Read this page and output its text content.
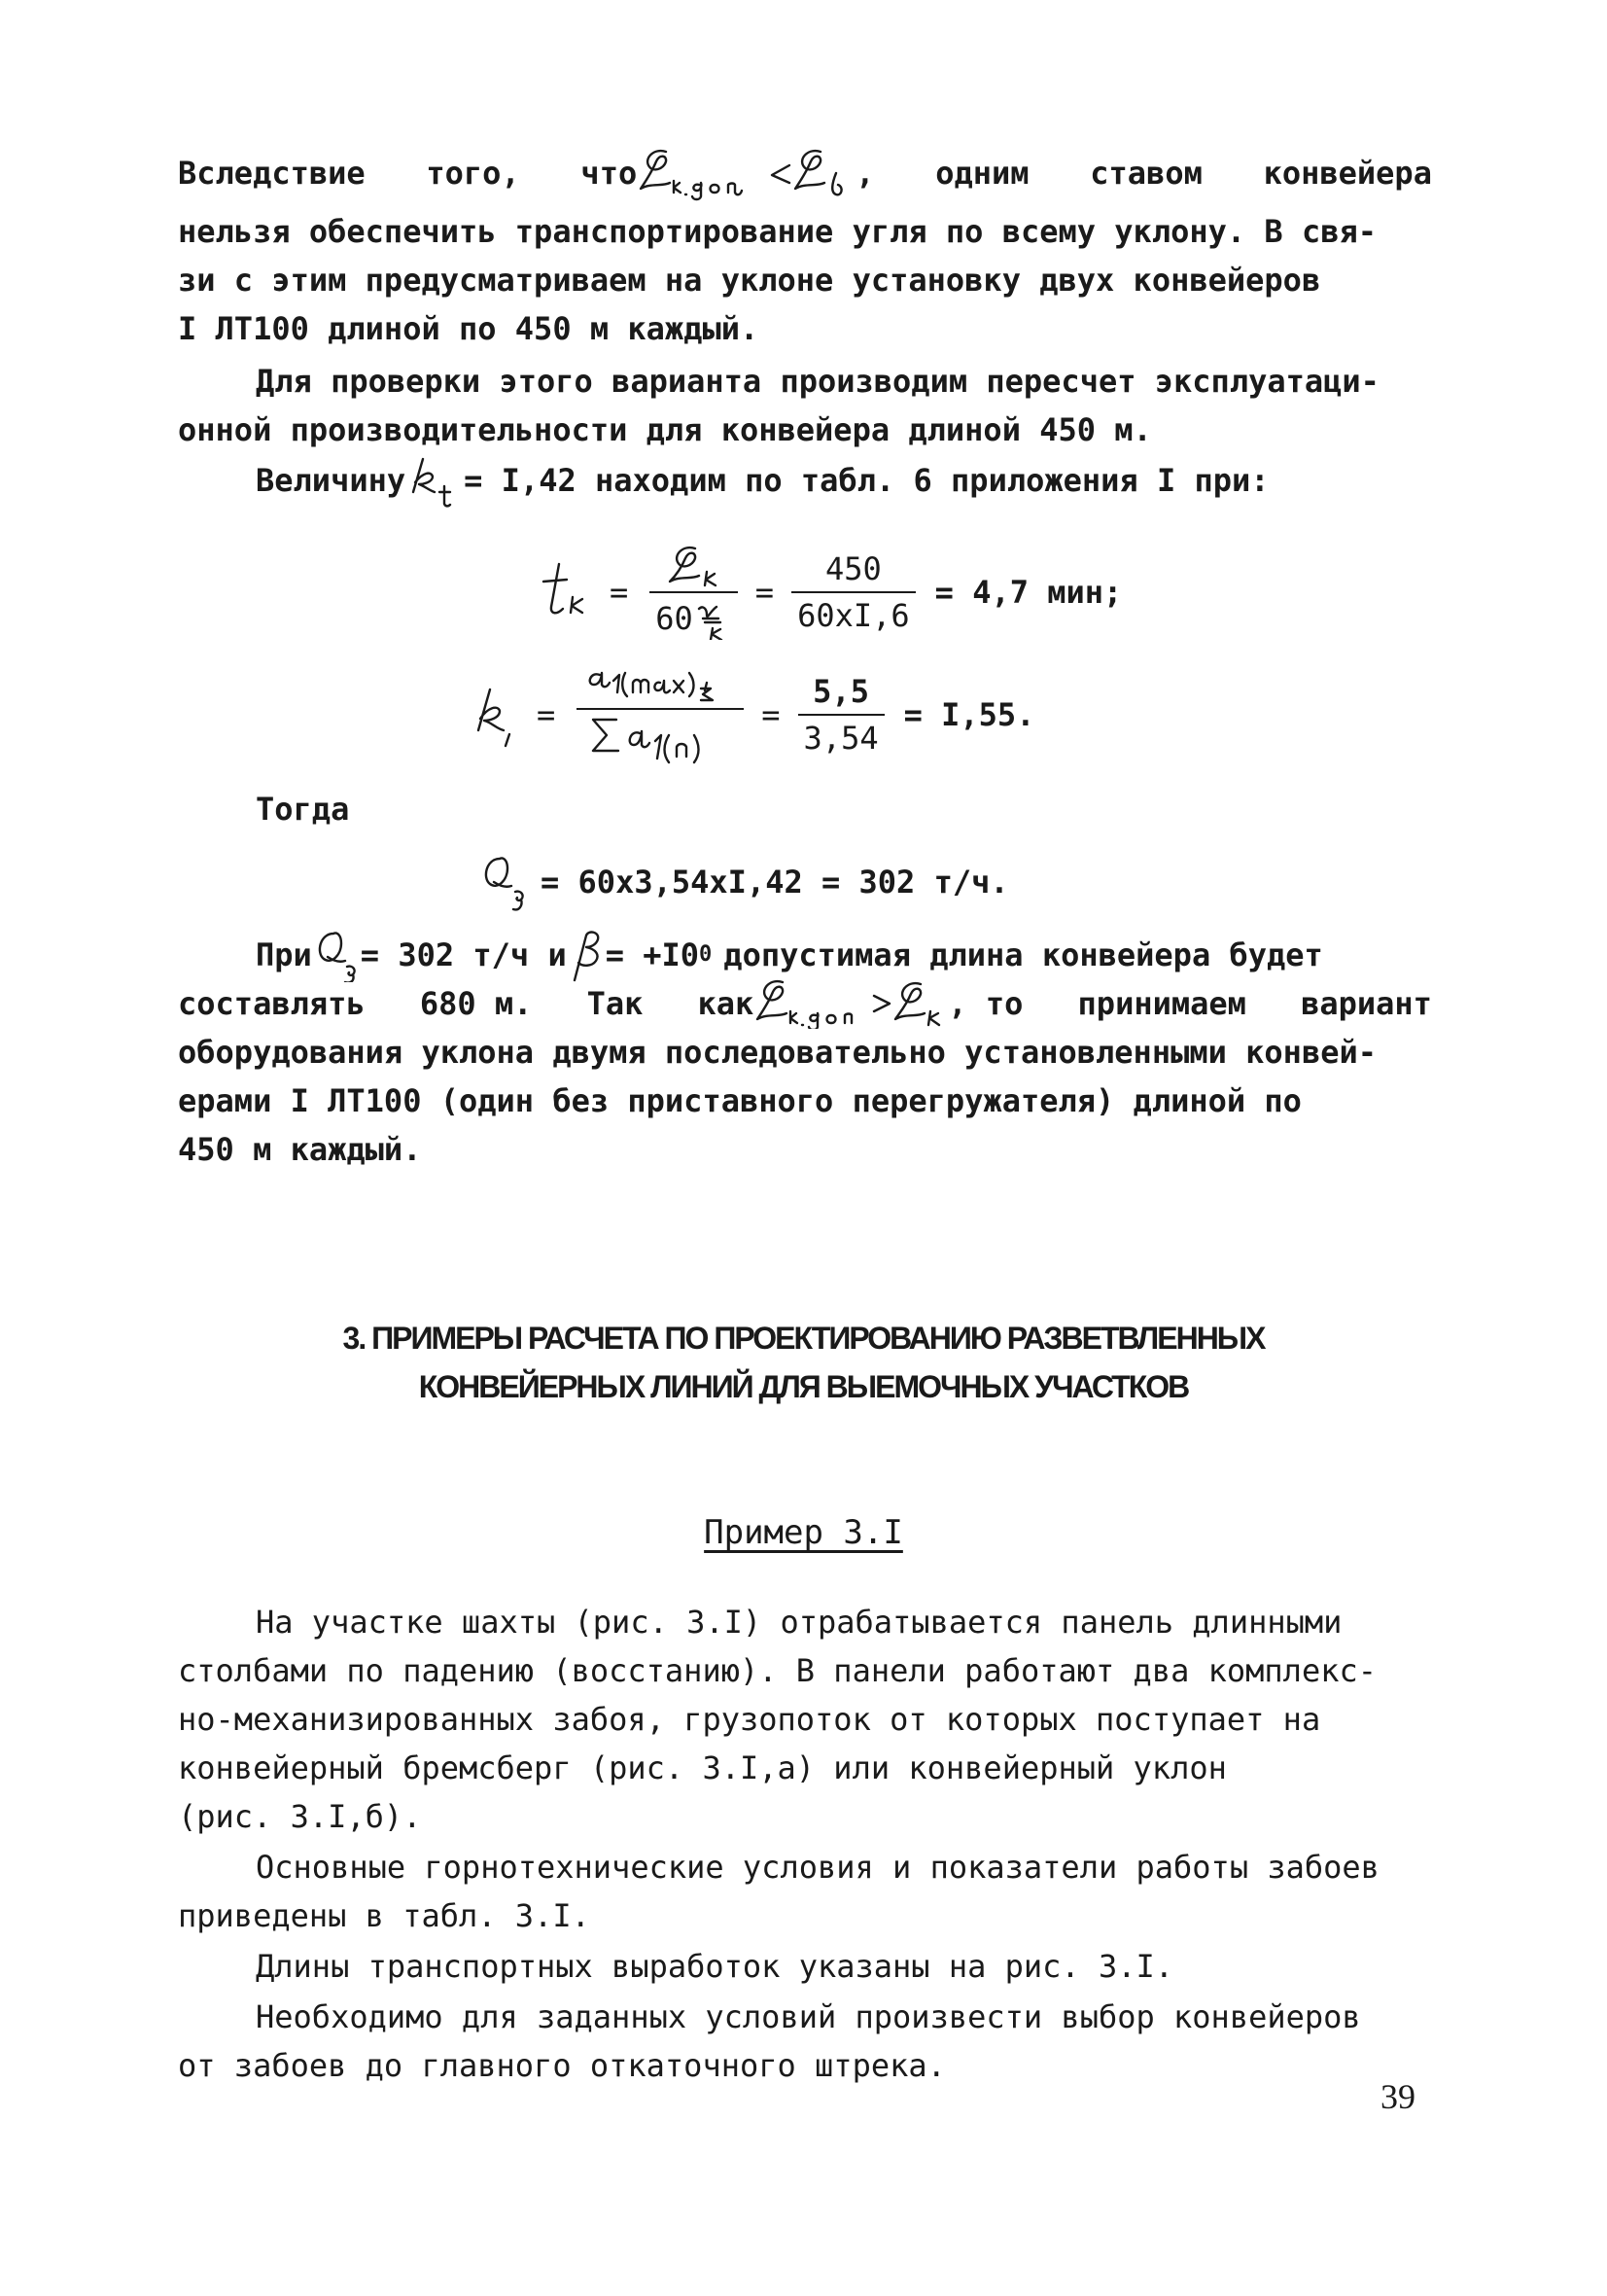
Вследствие того, что	, одним ставом конвейера
нельзя обеспечить транспортирование угля по всему уклону. В свя-
зи с этим предусматриваем на уклоне установку двух конвейеров
I ЛТ100 длиной по 450 м каждый.
Для проверки этого варианта производим пересчет эксплуатаци-
онной производительности для конвейера длиной 450 м.
Величину = I,42 находим по табл. 6 приложения I при:
=
60
= $\frac{450}{60хI,6} = 4,7$ мин;
=	= $\frac{5,5}{3,54} = I,55$.
Тогда
= 60х3,54хI,42 = 302 т/ч.
При = 302 т/ч и = +I0 0 допустимая длина конвейера будет
составлять 680 м. Так как	, то принимаем вариант
оборудования уклона двумя последовательно установленными конвей-
ерами I ЛТ100 (один без приставного перегружателя) длиной по
450 м каждый.
3. ПРИМЕРЫ РАСЧЕТА ПО ПРОЕКТИРОВАНИЮ РАЗВЕТВЛЕННЫХ
КОНВЕЙЕРНЫХ ЛИНИЙ ДЛЯ ВЫЕМОЧНЫХ УЧАСТКОВ
Пример 3.I
На участке шахты (рис. 3.I) отрабатывается панель длинными
столбами по падению (восстанию). В панели работают два комплекс-
но-механизированных забоя, грузопоток от которых поступает на
конвейерный бремсберг (рис. 3.I,а) или конвейерный уклон
(рис. 3.I,б).
Основные горнотехнические условия и показатели работы забоев
приведены в табл. 3.I.
Длины транспортных выработок указаны на рис. 3.I.
Необходимо для заданных условий произвести выбор конвейеров
от забоев до главного откаточного штрека.
39
